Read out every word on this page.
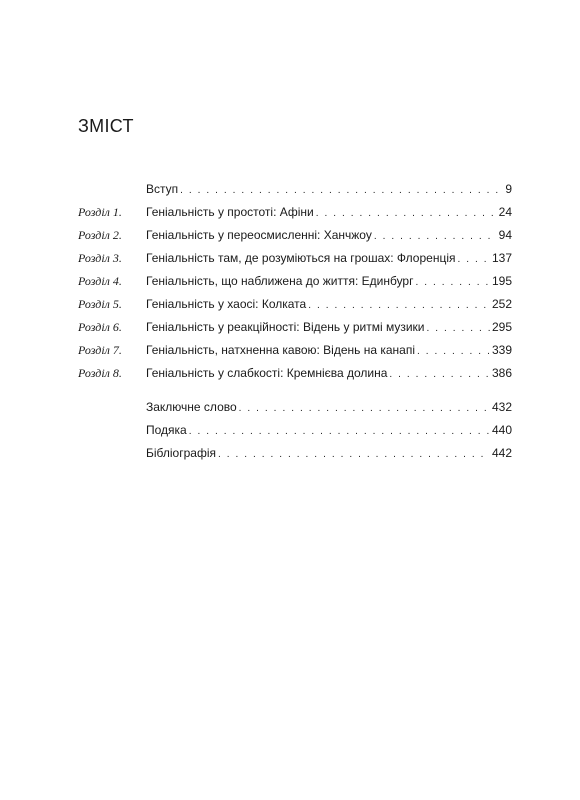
ЗМІСТ
Вступ . . .	9
Розділ 1. Геніальність у простоті: Афіни . . .	24
Розділ 2. Геніальність у переосмисленні: Ханчжоу . . .	94
Розділ 3. Геніальність там, де розуміються на грошах: Флоренція . . .	137
Розділ 4. Геніальність, що наближена до життя: Единбург . . .	195
Розділ 5. Геніальність у хаосі: Колката . . .	252
Розділ 6. Геніальність у реакційності: Відень у ритмі музики . . .	295
Розділ 7. Геніальність, натхненна кавою: Відень на канапі . . .	339
Розділ 8. Геніальність у слабкості: Кремнієва долина . . .	386
Заключне слово . . .	432
Подяка . . .	440
Бібліографія . . .	442
